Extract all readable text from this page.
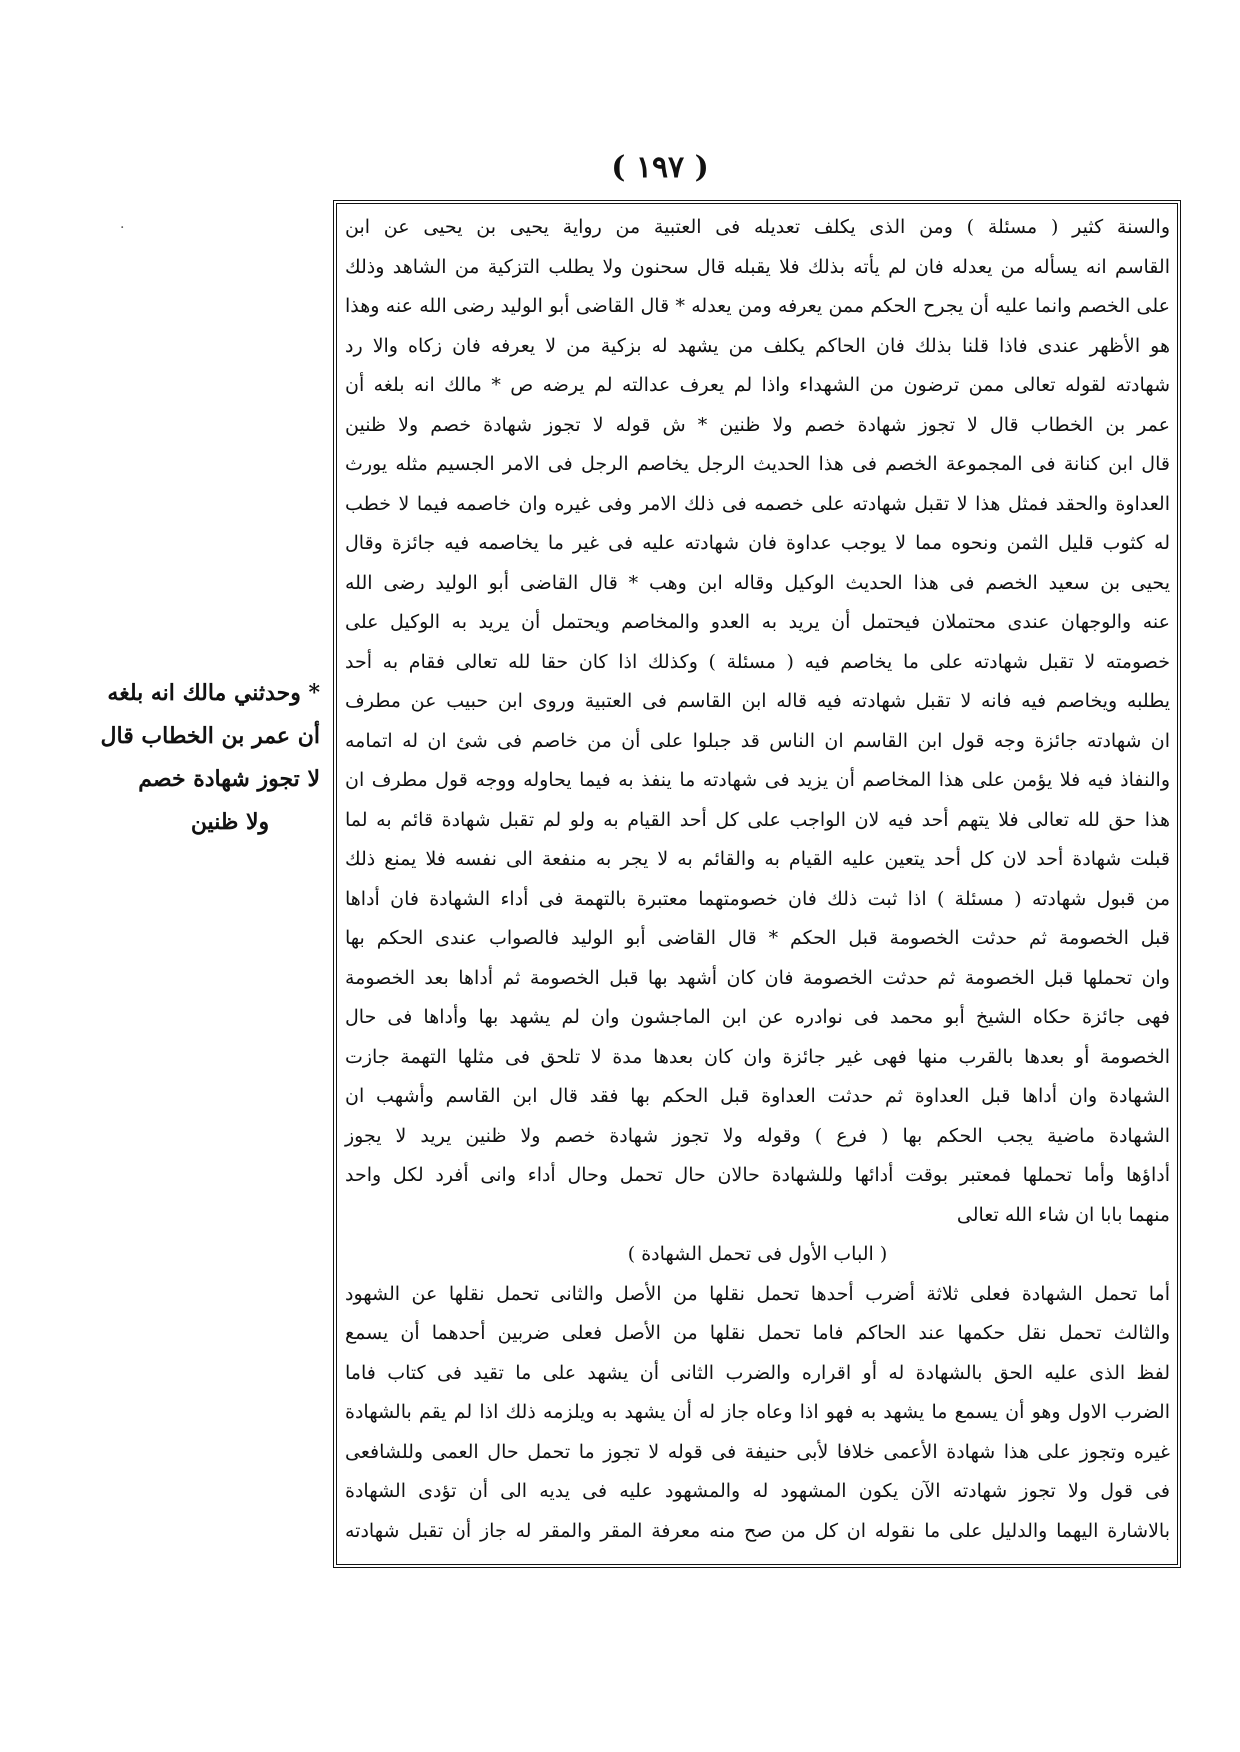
·
( ١٩٧ )
* وحدثني مالك انه بلغه
أن عمر بن الخطاب قال
لا تجوز شهادة خصم
ولا ظنين
والسنة كثير ( مسئلة ) ومن الذى يكلف تعديله فى العتبية من رواية يحيى بن يحيى عن ابن
القاسم انه يسأله من يعدله فان لم يأته بذلك فلا يقبله قال سحنون ولا يطلب التزكية من الشاهد وذلك
على الخصم وانما عليه أن يجرح الحكم ممن يعرفه ومن يعدله * قال القاضى أبو الوليد رضى الله عنه وهذا
هو الأظهر عندى فاذا قلنا بذلك فان الحاكم يكلف من يشهد له بزكية من لا يعرفه فان زكاه والا رد
شهادته لقوله تعالى ممن ترضون من الشهداء واذا لم يعرف عدالته لم يرضه ص * مالك انه بلغه أن
عمر بن الخطاب قال لا تجوز شهادة خصم ولا ظنين * ش قوله لا تجوز شهادة خصم ولا ظنين
قال ابن كنانة فى المجموعة الخصم فى هذا الحديث الرجل يخاصم الرجل فى الامر الجسيم مثله يورث
العداوة والحقد فمثل هذا لا تقبل شهادته على خصمه فى ذلك الامر وفى غيره وان خاصمه فيما لا خطب
له كثوب قليل الثمن ونحوه مما لا يوجب عداوة فان شهادته عليه فى غير ما يخاصمه فيه جائزة وقال
يحيى بن سعيد الخصم فى هذا الحديث الوكيل وقاله ابن وهب * قال القاضى أبو الوليد رضى الله
عنه والوجهان عندى محتملان فيحتمل أن يريد به العدو والمخاصم ويحتمل أن يريد به الوكيل على
خصومته لا تقبل شهادته على ما يخاصم فيه ( مسئلة ) وكذلك اذا كان حقا لله تعالى فقام به أحد
يطلبه ويخاصم فيه فانه لا تقبل شهادته فيه قاله ابن القاسم فى العتبية وروى ابن حبيب عن مطرف
ان شهادته جائزة وجه قول ابن القاسم ان الناس قد جبلوا على أن من خاصم فى شئ ان له اتمامه
والنفاذ فيه فلا يؤمن على هذا المخاصم أن يزيد فى شهادته ما ينفذ به فيما يحاوله ووجه قول مطرف ان
هذا حق لله تعالى فلا يتهم أحد فيه لان الواجب على كل أحد القيام به ولو لم تقبل شهادة قائم به لما
قبلت شهادة أحد لان كل أحد يتعين عليه القيام به والقائم به لا يجر به منفعة الى نفسه فلا يمنع ذلك
من قبول شهادته ( مسئلة ) اذا ثبت ذلك فان خصومتهما معتبرة بالتهمة فى أداء الشهادة فان أداها
قبل الخصومة ثم حدثت الخصومة قبل الحكم * قال القاضى أبو الوليد فالصواب عندى الحكم بها
وان تحملها قبل الخصومة ثم حدثت الخصومة فان كان أشهد بها قبل الخصومة ثم أداها بعد الخصومة
فهى جائزة حكاه الشيخ أبو محمد فى نوادره عن ابن الماجشون وان لم يشهد بها وأداها فى حال
الخصومة أو بعدها بالقرب منها فهى غير جائزة وان كان بعدها مدة لا تلحق فى مثلها التهمة جازت
الشهادة وان أداها قبل العداوة ثم حدثت العداوة قبل الحكم بها فقد قال ابن القاسم وأشهب ان
الشهادة ماضية يجب الحكم بها ( فرع ) وقوله ولا تجوز شهادة خصم ولا ظنين يريد لا يجوز
أداؤها وأما تحملها فمعتبر بوقت أدائها وللشهادة حالان حال تحمل وحال أداء وانى أفرد لكل واحد
منهما بابا ان شاء الله تعالى
( الباب الأول فى تحمل الشهادة )
أما تحمل الشهادة فعلى ثلاثة أضرب أحدها تحمل نقلها من الأصل والثانى تحمل نقلها عن الشهود
والثالث تحمل نقل حكمها عند الحاكم فاما تحمل نقلها من الأصل فعلى ضربين أحدهما أن يسمع
لفظ الذى عليه الحق بالشهادة له أو اقراره والضرب الثانى أن يشهد على ما تقيد فى كتاب فاما
الضرب الاول وهو أن يسمع ما يشهد به فهو اذا وعاه جاز له أن يشهد به ويلزمه ذلك اذا لم يقم بالشهادة
غيره وتجوز على هذا شهادة الأعمى خلافا لأبى حنيفة فى قوله لا تجوز ما تحمل حال العمى وللشافعى
فى قول ولا تجوز شهادته الآن يكون المشهود له والمشهود عليه فى يديه الى أن تؤدى الشهادة
بالاشارة اليهما والدليل على ما نقوله ان كل من صح منه معرفة المقر والمقر له جاز أن تقبل شهادته
